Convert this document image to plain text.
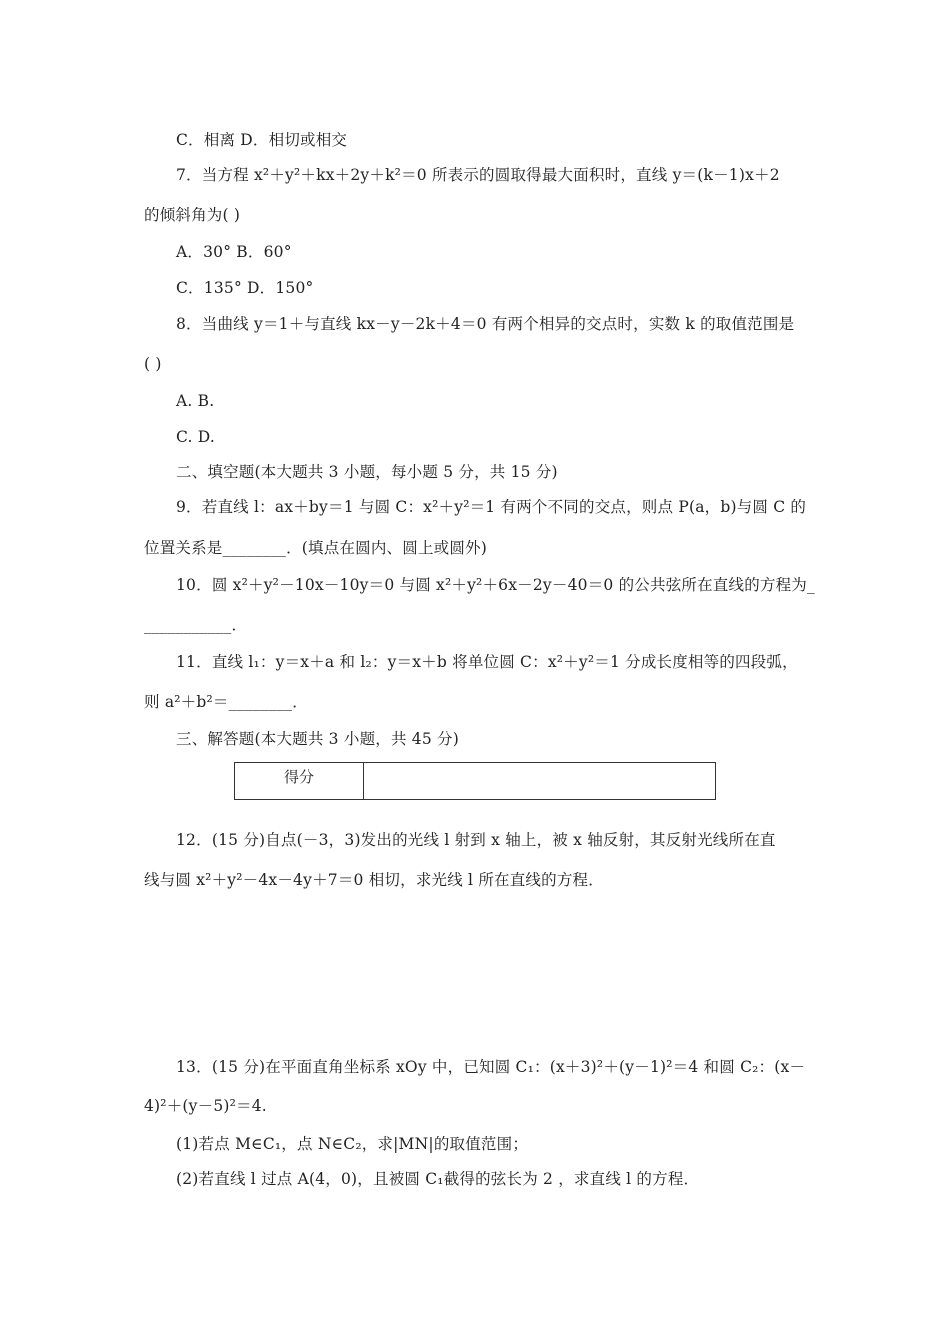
C．相离 D．相切或相交
7．当方程 x²＋y²＋kx＋2y＋k²＝0 所表示的圆取得最大面积时，直线 y＝(k－1)x＋2
的倾斜角为( )
A．30° B．60°
C．135° D．150°
8．当曲线 y＝1＋与直线 kx－y－2k＋4＝0 有两个相异的交点时，实数 k 的取值范围是
( )
A. B.
C. D.
二、填空题(本大题共 3 小题，每小题 5 分，共 15 分)
9．若直线 l：ax＋by＝1 与圆 C：x²＋y²＝1 有两个不同的交点，则点 P(a，b)与圆 C 的
位置关系是________．(填点在圆内、圆上或圆外)
10．圆 x²＋y²－10x－10y＝0 与圆 x²＋y²＋6x－2y－40＝0 的公共弦所在直线的方程为_
___________．
11．直线 l₁：y＝x＋a 和 l₂：y＝x＋b 将单位圆 C：x²＋y²＝1 分成长度相等的四段弧，
则 a²＋b²＝________．
三、解答题(本大题共 3 小题，共 45 分)
12．(15 分)自点(－3，3)发出的光线 l 射到 x 轴上，被 x 轴反射，其反射光线所在直
线与圆 x²＋y²－4x－4y＋7＝0 相切，求光线 l 所在直线的方程．
13．(15 分)在平面直角坐标系 xOy 中，已知圆 C₁：(x＋3)²＋(y－1)²＝4 和圆 C₂：(x－
4)²＋(y－5)²＝4.
(1)若点 M∈C₁，点 N∈C₂，求|MN|的取值范围；
(2)若直线 l 过点 A(4，0)，且被圆 C₁截得的弦长为 2 ，求直线 l 的方程．
得分	
